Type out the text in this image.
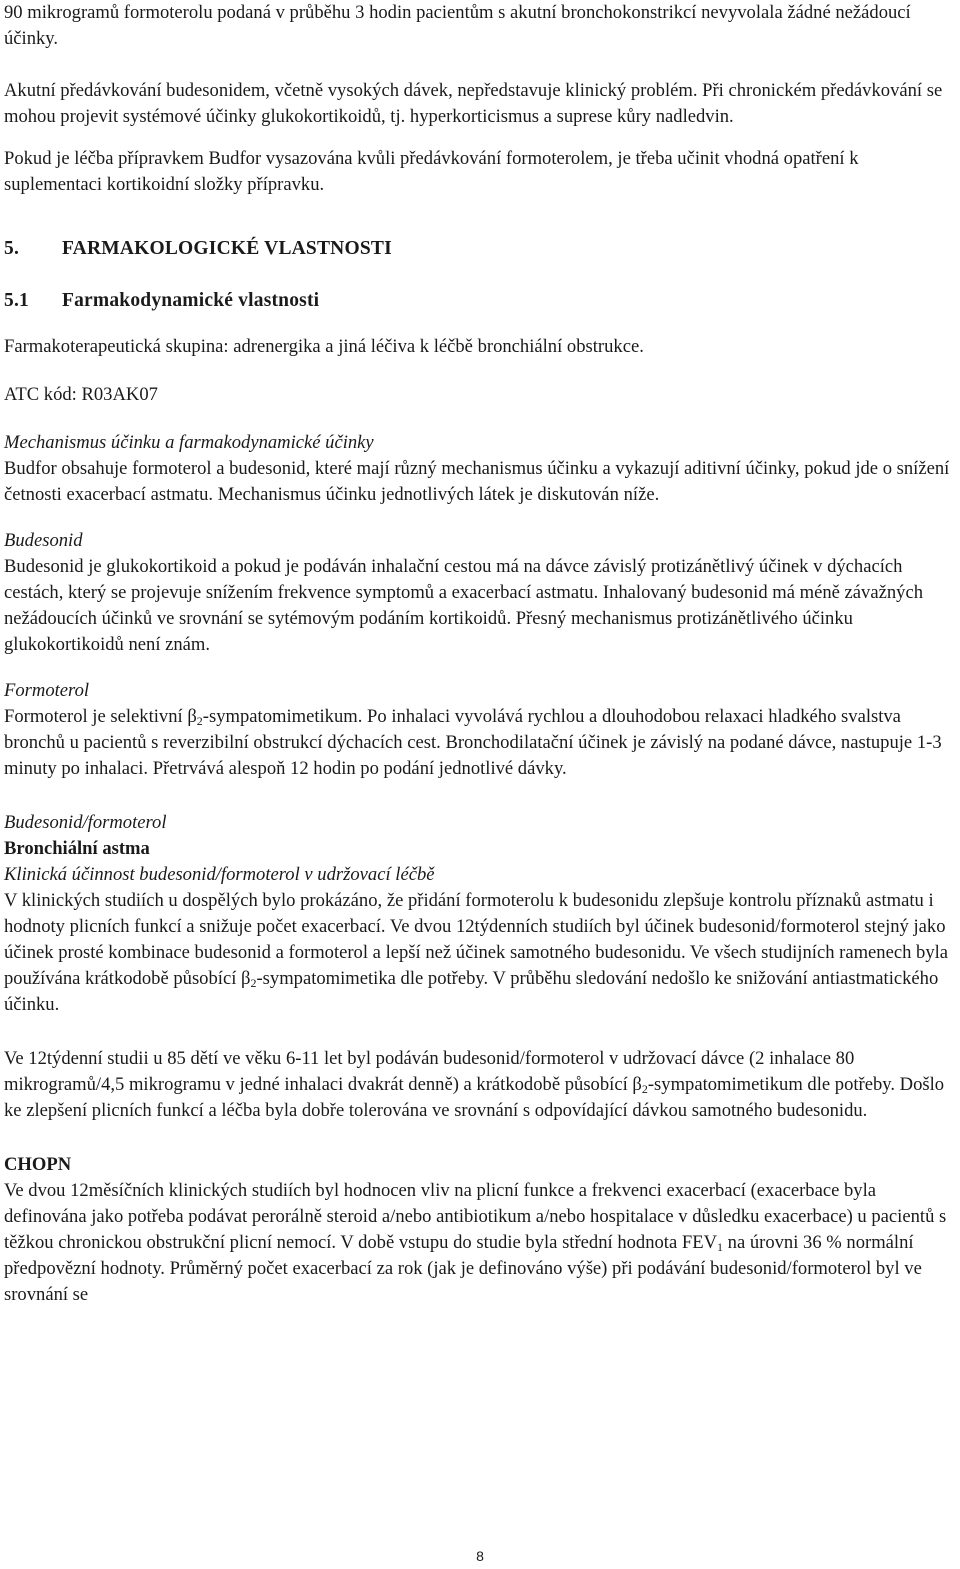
90 mikrogramů formoterolu podaná v průběhu 3 hodin pacientům s akutní bronchokonstrikcí nevyvolala žádné nežádoucí účinky.

Akutní předávkování budesonidem, včetně vysokých dávek, nepředstavuje klinický problém. Při chronickém předávkování se mohou projevit systémové účinky glukokortikoidů, tj. hyperkorticismus a suprese kůry nadledvin.

Pokud je léčba přípravkem Budfor vysazována kvůli předávkování formoterolem, je třeba učinit vhodná opatření k suplementaci kortikoidní složky přípravku.

5. FARMAKOLOGICKÉ VLASTNOSTI

5.1 Farmakodynamické vlastnosti

Farmakoterapeutická skupina: adrenergika a jiná léčiva k léčbě bronchiální obstrukce.

ATC kód: R03AK07

Mechanismus účinku a farmakodynamické účinky

Budfor obsahuje formoterol a budesonid, které mají různý mechanismus účinku a vykazují aditivní účinky, pokud jde o snížení četnosti exacerbací astmatu. Mechanismus účinku jednotlivých látek je diskutován níže.

Budesonid

Budesonid je glukokortikoid a pokud je podáván inhalační cestou má na dávce závislý protizánětlivý účinek v dýchacích cestách, který se projevuje snížením frekvence symptomů a exacerbací astmatu. Inhalovaný budesonid má méně závažných nežádoucích účinků ve srovnání se sytémovým podáním kortikoidů. Přesný mechanismus protizánětlivého účinku glukokortikoidů není znám.

Formoterol

Formoterol je selektivní $\beta_2$-sympatomimetikum. Po inhalaci vyvolává rychlou a dlouhodobou relaxaci hladkého svalstva bronchů u pacientů s reverzibilní obstrukcí dýchacích cest. Bronchodilatační účinek je závislý na podané dávce, nastupuje 1-3 minuty po inhalaci. Přetrvává alespoň 12 hodin po podání jednotlivé dávky.

Budesonid/formoterol

Bronchiální astma

Klinická účinnost budesonid/formoterol v udržovací léčbě

V klinických studiích u dospělých bylo prokázáno, že přidání formoterolu k budesonidu zlepšuje kontrolu příznaků astmatu i hodnoty plicních funkcí a snižuje počet exacerbací. Ve dvou 12týdenních studiích byl účinek budesonid/formoterol stejný jako účinek prosté kombinace budesonid a formoterol a lepší než účinek samotného budesonidu. Ve všech studijních ramenech byla používána krátkodobě působící $\beta_2$-sympatomimetika dle potřeby. V průběhu sledování nedošlo ke snižování antiastmatického účinku.

Ve 12týdenní studii u 85 dětí ve věku 6-11 let byl podáván budesonid/formoterol v udržovací dávce (2 inhalace 80 mikrogramů/4,5 mikrogramu v jedné inhalaci dvakrát denně) a krátkodobě působící $\beta_2$-sympatomimetikum dle potřeby. Došlo ke zlepšení plicních funkcí a léčba byla dobře tolerována ve srovnání s odpovídající dávkou samotného budesonidu.

CHOPN

Ve dvou 12měsíčních klinických studiích byl hodnocen vliv na plicní funkce a frekvenci exacerbací (exacerbace byla definována jako potřeba podávat perorálně steroid a/nebo antibiotikum a/nebo hospitalace v důsledku exacerbace) u pacientů s těžkou chronickou obstrukční plicní nemocí. V době vstupu do studie byla střední hodnota $FEV_1$ na úrovni 36 % normální předpovězní hodnoty. Průměrný počet exacerbací za rok (jak je definováno výše) při podávání budesonid/formoterol byl ve srovnání se

8
